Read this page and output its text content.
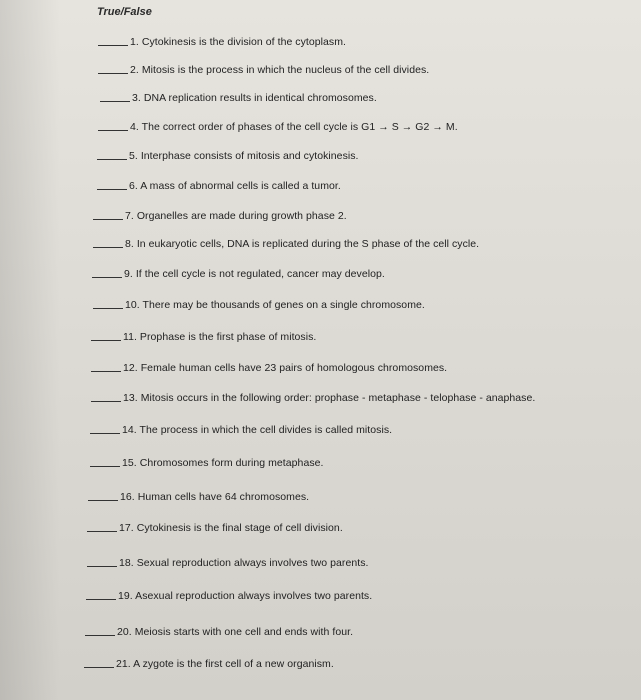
True/False
1. Cytokinesis is the division of the cytoplasm.
2. Mitosis is the process in which the nucleus of the cell divides.
3. DNA replication results in identical chromosomes.
4. The correct order of phases of the cell cycle is G1 → S → G2 → M.
5. Interphase consists of mitosis and cytokinesis.
6. A mass of abnormal cells is called a tumor.
7. Organelles are made during growth phase 2.
8. In eukaryotic cells, DNA is replicated during the S phase of the cell cycle.
9. If the cell cycle is not regulated, cancer may develop.
10. There may be thousands of genes on a single chromosome.
11. Prophase is the first phase of mitosis.
12. Female human cells have 23 pairs of homologous chromosomes.
13. Mitosis occurs in the following order: prophase - metaphase - telophase - anaphase.
14. The process in which the cell divides is called mitosis.
15. Chromosomes form during metaphase.
16. Human cells have 64 chromosomes.
17. Cytokinesis is the final stage of cell division.
18. Sexual reproduction always involves two parents.
19. Asexual reproduction always involves two parents.
20. Meiosis starts with one cell and ends with four.
21. A zygote is the first cell of a new organism.
